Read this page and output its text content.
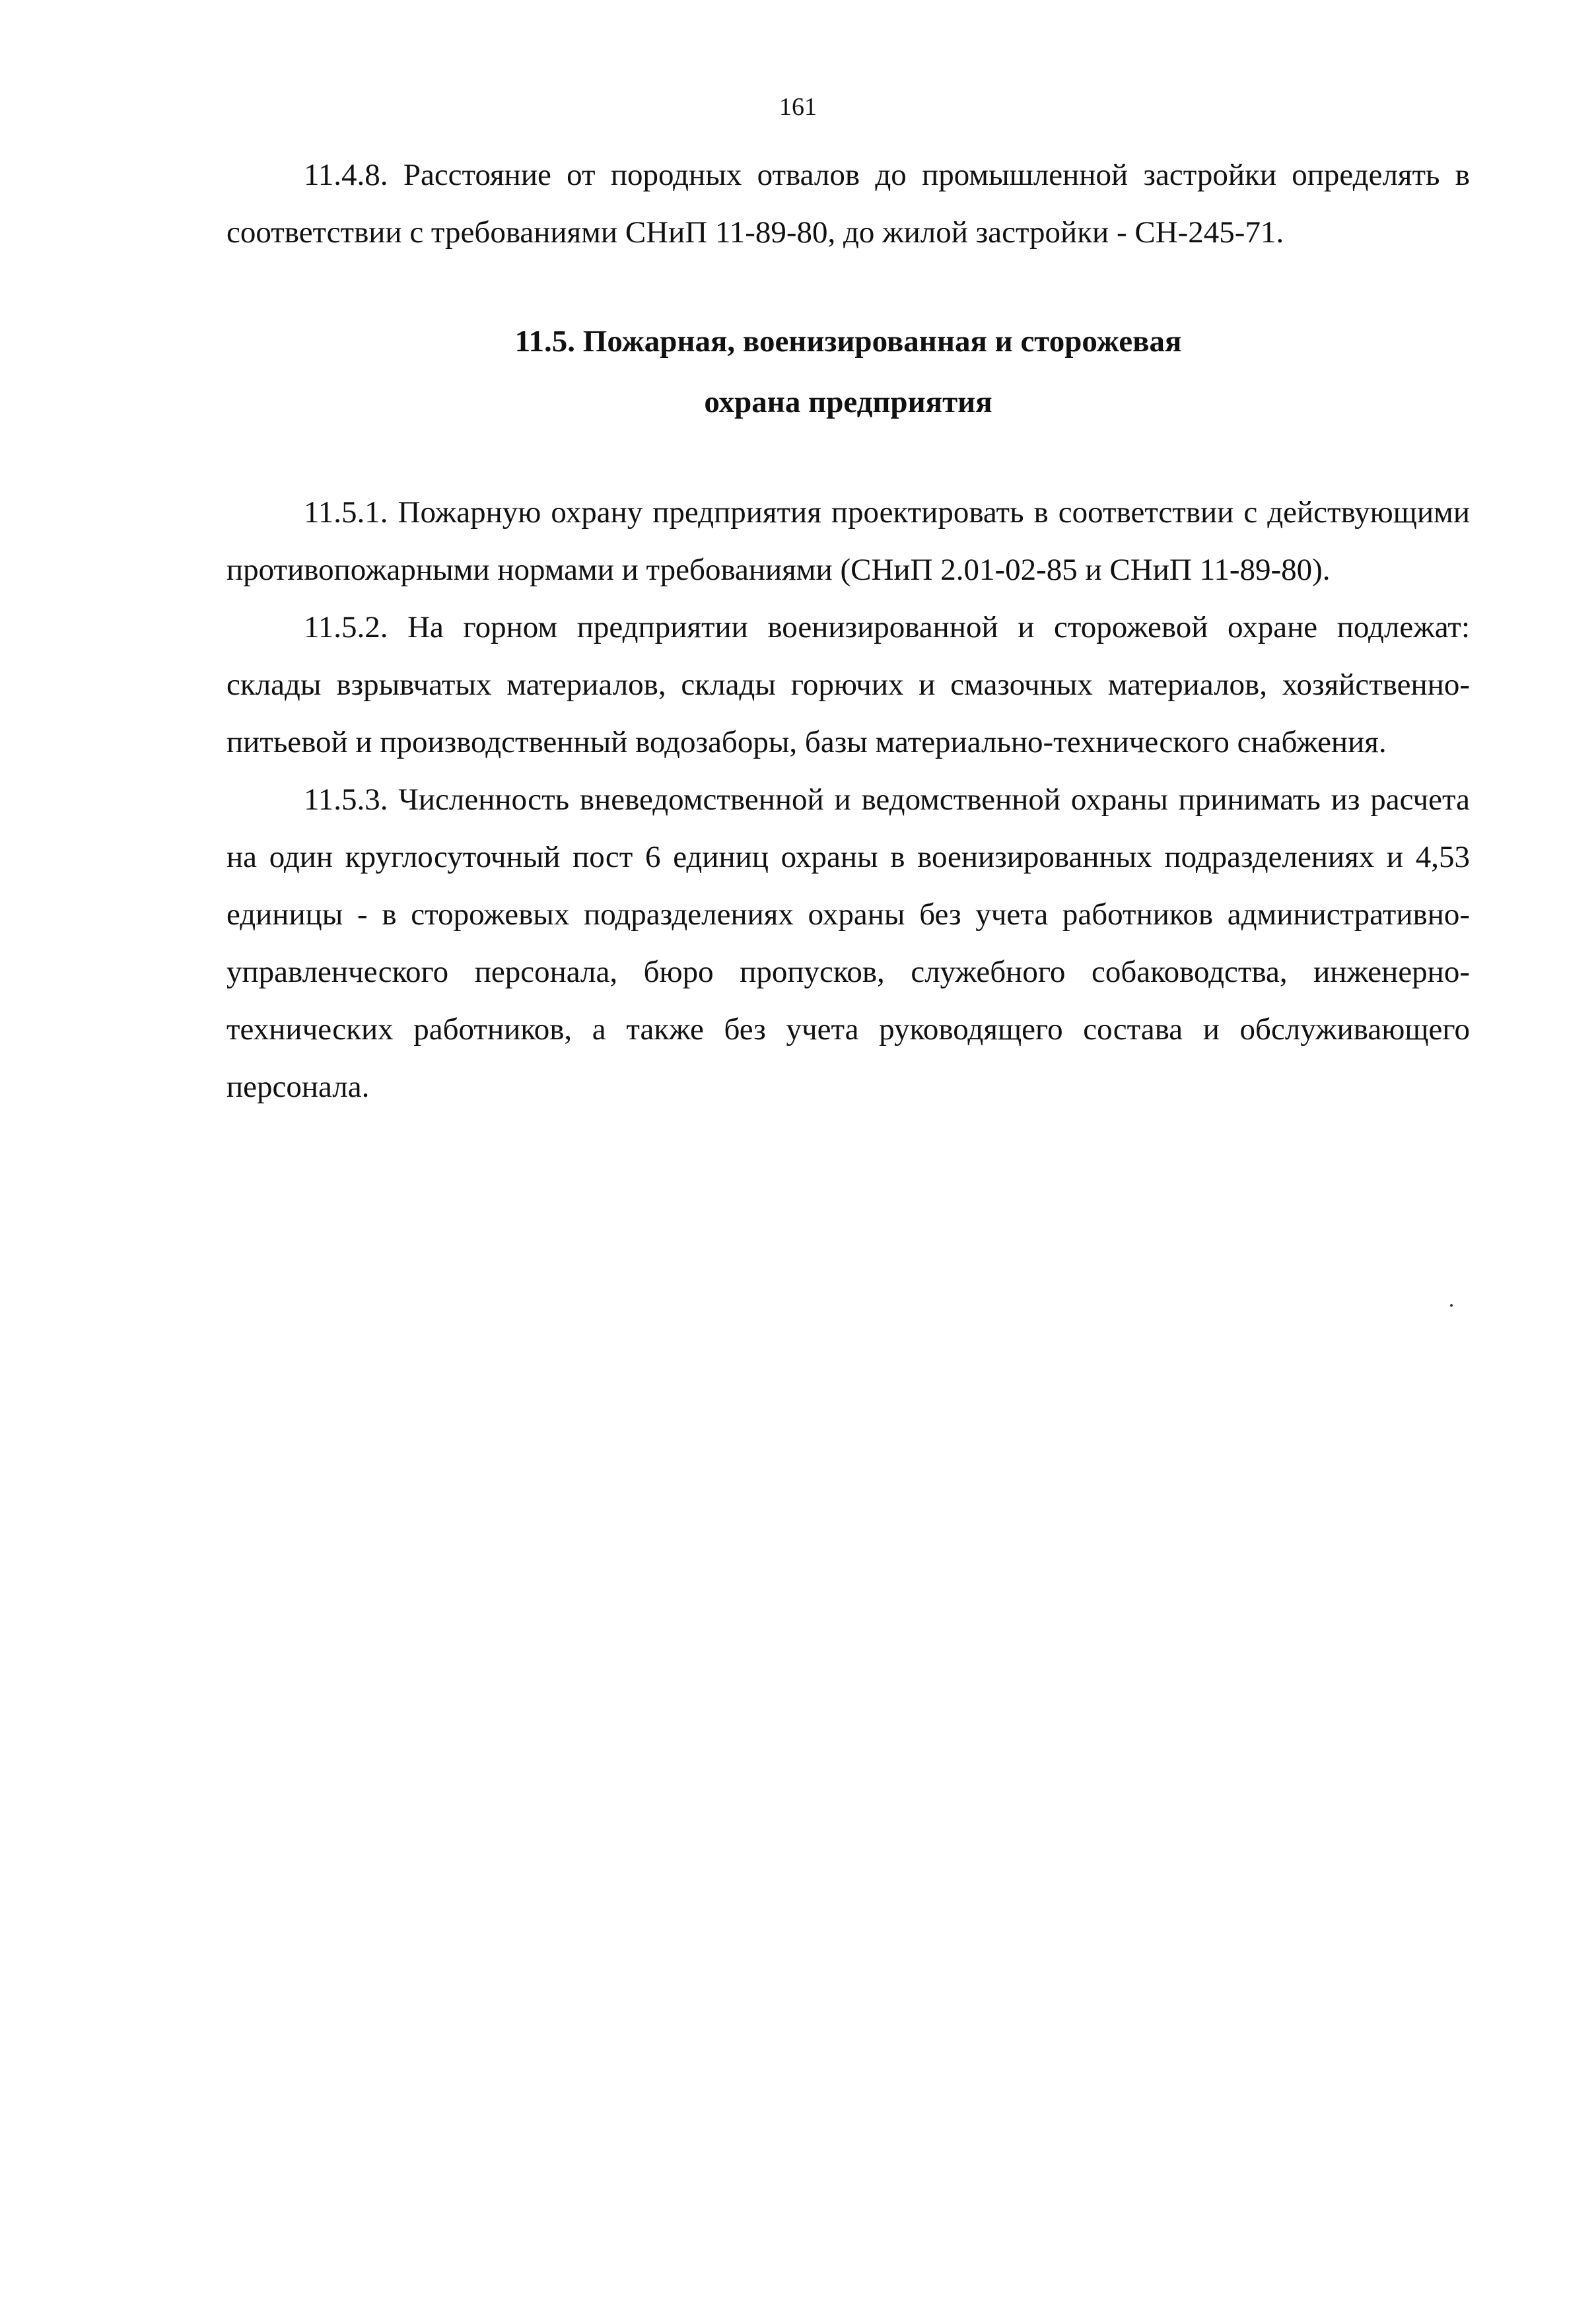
161

11.4.8. Расстояние от породных отвалов до промышленной застройки определять в соответствии с требованиями СНиП 11-89-80, до жилой застройки - СН-245-71.

11.5. Пожарная, военизированная и сторожевая
охрана предприятия

11.5.1. Пожарную охрану предприятия проектировать в соответствии с действующими противопожарными нормами и требованиями (СНиП 2.01-02-85 и СНиП 11-89-80).

11.5.2. На горном предприятии военизированной и сторожевой охране подлежат: склады взрывчатых материалов, склады горючих и смазочных материалов, хозяйственно-питьевой и производственный водозаборы, базы материально-технического снабжения.

11.5.3. Численность вневедомственной и ведомственной охраны принимать из расчета на один круглосуточный пост 6 единиц охраны в военизированных подразделениях и 4,53 единицы - в сторожевых подразделениях охраны без учета работников административно-управленческого персонала, бюро пропусков, служебного собаководства, инженерно-технических работников, а также без учета руководящего состава и обслуживающего персонала.
